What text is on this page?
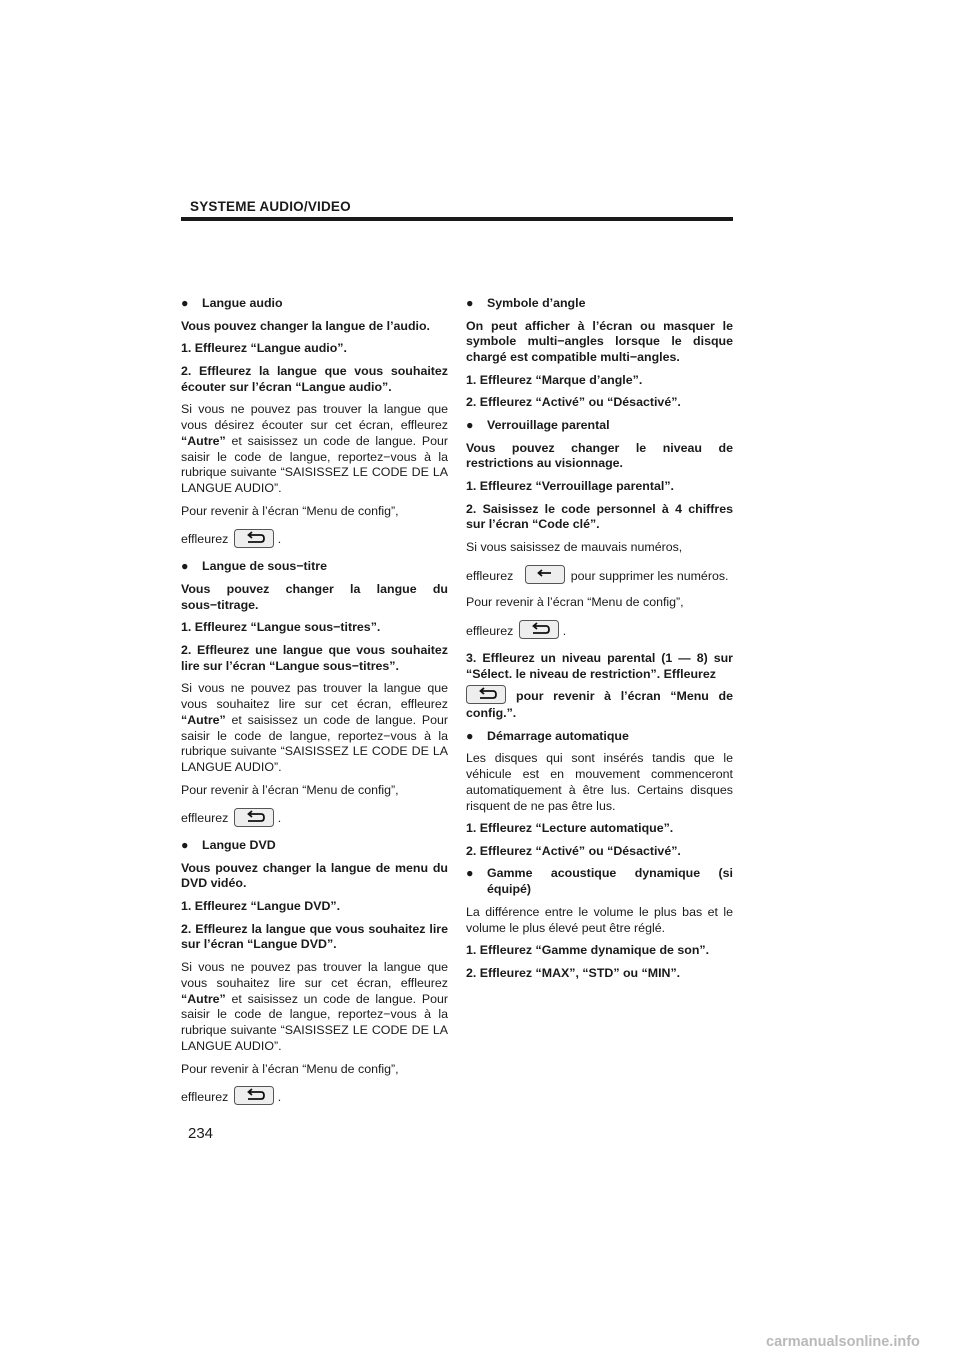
SYSTEME AUDIO/VIDEO
●	Langue audio

Vous pouvez changer la langue de l’audio.

1. Effleurez “Langue audio”.

2. Effleurez la langue que vous souhaitez écouter sur l’écran “Langue audio”.

Si vous ne pouvez pas trouver la langue que vous désirez écouter sur cet écran, effleurez “Autre” et saisissez un code de langue. Pour saisir le code de langue, reportez−vous à la rubrique suivante “SAISISSEZ LE CODE DE LA LANGUE AUDIO”.

Pour revenir à l’écran “Menu de config”,

effleurez	.

●	Langue de sous−titre

Vous pouvez changer la langue du sous−titrage.

1. Effleurez “Langue sous−titres”.

2. Effleurez une langue que vous souhaitez lire sur l’écran “Langue sous−titres”.

Si vous ne pouvez pas trouver la langue que vous souhaitez lire sur cet écran, effleurez “Autre” et saisissez un code de langue. Pour saisir le code de langue, reportez−vous à la rubrique suivante “SAISISSEZ LE CODE DE LA LANGUE AUDIO”.

Pour revenir à l’écran “Menu de config”,

effleurez	.

●	Langue DVD

Vous pouvez changer la langue de menu du DVD vidéo.

1. Effleurez “Langue DVD”.

2. Effleurez la langue que vous souhaitez lire sur l’écran “Langue DVD”.

Si vous ne pouvez pas trouver la langue que vous souhaitez lire sur cet écran, effleurez “Autre” et saisissez un code de langue. Pour saisir le code de langue, reportez−vous à la rubrique suivante “SAISISSEZ LE CODE DE LA LANGUE AUDIO”.

Pour revenir à l’écran “Menu de config”,

effleurez	.

●	Symbole d’angle

On peut afficher à l’écran ou masquer le symbole multi−angles lorsque le disque chargé est compatible multi−angles.

1. Effleurez “Marque d’angle”.

2. Effleurez “Activé” ou “Désactivé”.

●	Verrouillage parental

Vous pouvez changer le niveau de restrictions au visionnage.

1. Effleurez “Verrouillage parental”.

2. Saisissez le code personnel à 4 chiffres sur l’écran “Code clé”.

Si vous saisissez de mauvais numéros,

effleurez	pour supprimer les numéros.

Pour revenir à l’écran “Menu de config”,

effleurez	.

3. Effleurez un niveau parental (1 — 8) sur “Sélect. le niveau de restriction”. Effleurez

pour revenir à l’écran “Menu de config.”.

●	Démarrage automatique

Les disques qui sont insérés tandis que le véhicule est en mouvement commenceront automatiquement à être lus. Certains disques risquent de ne pas être lus.

1. Effleurez “Lecture automatique”.

2. Effleurez “Activé” ou “Désactivé”.

●	Gamme acoustique dynamique (si équipé)

La différence entre le volume le plus bas et le volume le plus élevé peut être réglé.

1. Effleurez “Gamme dynamique de son”.

2. Effleurez “MAX”, “STD” ou “MIN”.

234
carmanualsonline.info
